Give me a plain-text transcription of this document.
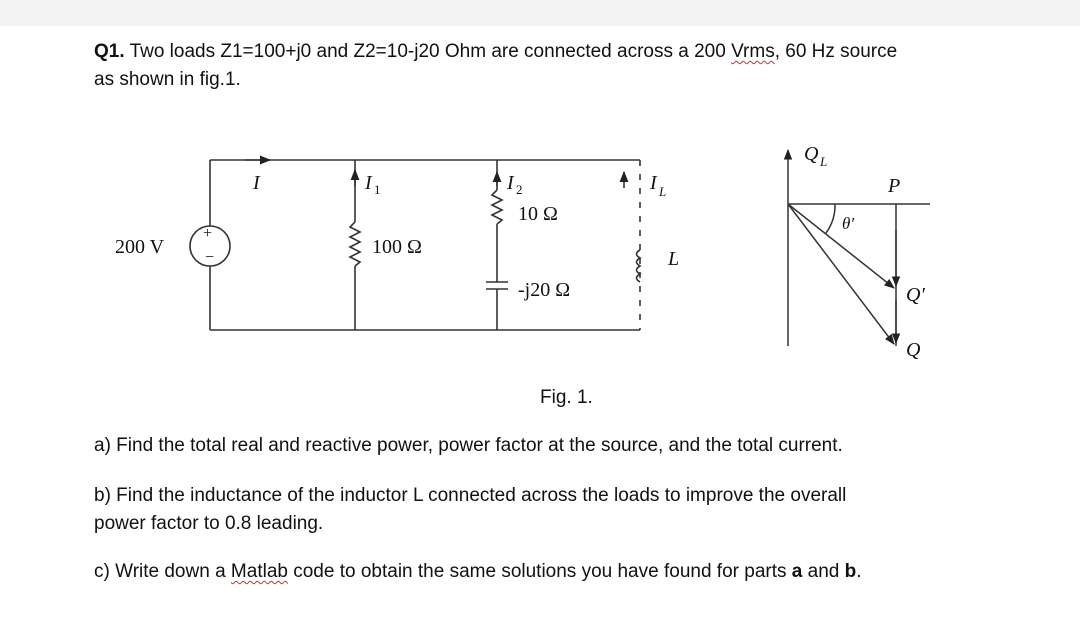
Q1. Two loads Z1=100+j0 and Z2=10-j20 Ohm are connected across a 200 Vrms, 60 Hz source
as shown in fig.1.
200 V
+
−
I	I 1	I 2	I L
100 Ω
10 Ω
-j20 Ω
L
Q L
P
θ′
Q′
Q
Fig. 1.
a) Find the total real and reactive power, power factor at the source, and the total current.
b) Find the inductance of the inductor L connected across the loads to improve the overall
power factor to 0.8 leading.
c) Write down a Matlab code to obtain the same solutions you have found for parts a and b.
